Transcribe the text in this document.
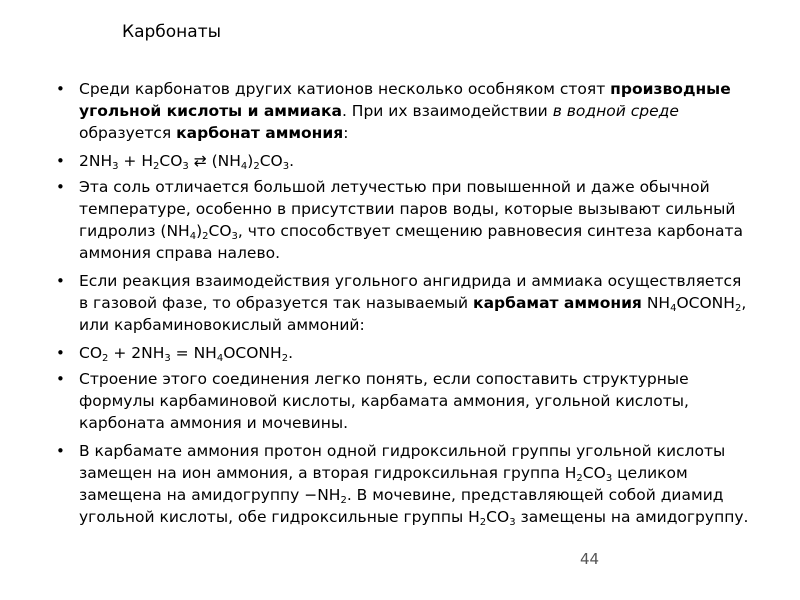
Карбонаты
• Среди карбонатов других катионов несколько особняком стоят производные угольной кислоты и аммиака. При их взаимодействии в водной среде образуется карбонат аммония:
• $2NH_3 + H_2CO_3$ ⇄ $(NH_4)_2CO_3$.
• Эта соль отличается большой летучестью при повышенной и даже обычной температуре, особенно в присутствии паров воды, которые вызывают сильный гидролиз $(NH_4)_2CO_3$, что способствует смещению равновесия синтеза карбоната аммония справа налево.
• Если реакция взаимодействия угольного ангидрида и аммиака осуществляется в газовой фазе, то образуется так называемый карбамат аммония $NH_4OCONH_2$, или карбаминовокислый аммоний:
• $CO_2 + 2NH_3$ = $NH_4OCONH_2$.
• Строение этого соединения легко понять, если сопоставить структурные формулы карбаминовой кислоты, карбамата аммония, угольной кислоты, карбоната аммония и мочевины.
• В карбамате аммония протон одной гидроксильной группы угольной кислоты замещен на ион аммония, а вторая гидроксильная группа $H_2CO_3$ целиком замещена на амидогруппу $-NH_2$. В мочевине, представляющей собой диамид угольной кислоты, обе гидроксильные группы $H_2CO_3$ замещены на амидогруппу.
44
